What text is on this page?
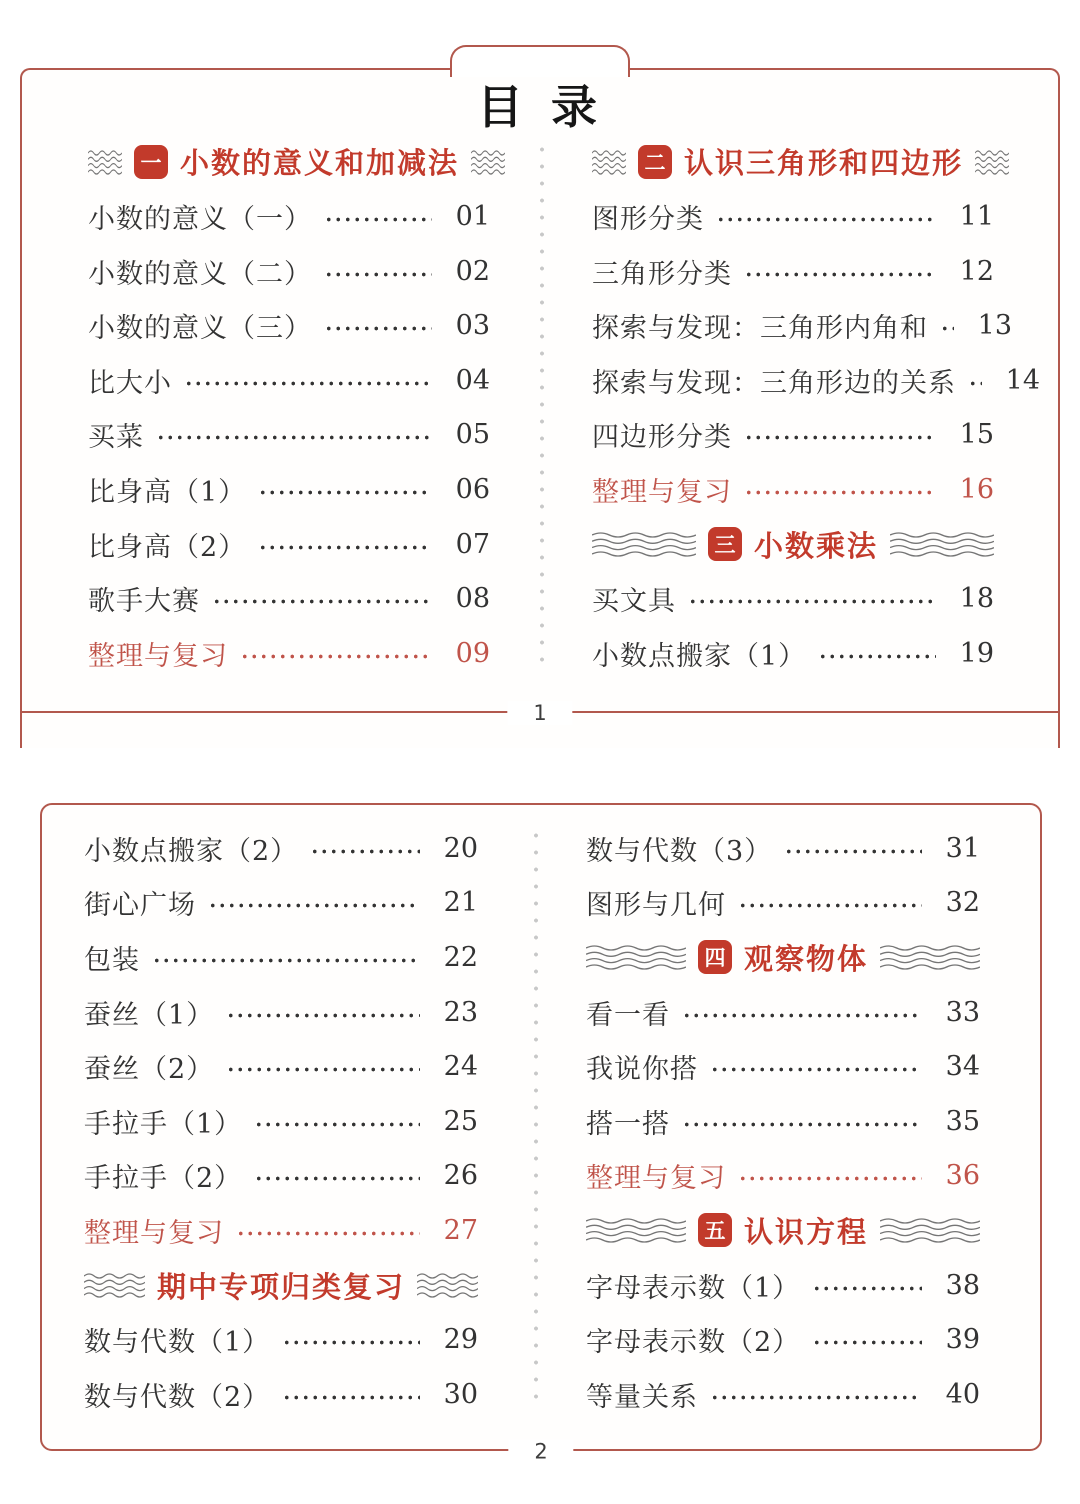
目 录
一 小数的意义和加减法
小数的意义（一）	01
小数的意义（二）	02
小数的意义（三）	03
比大小	04
买菜	05
比身高（1）	06
比身高（2）	07
歌手大赛	08
整理与复习	09
二 认识三角形和四边形
图形分类	11
三角形分类	12
探索与发现：三角形内角和	13
探索与发现：三角形边的关系	14
四边形分类	15
整理与复习	16
三 小数乘法
买文具	18
小数点搬家（1）	19
1
小数点搬家（2）	20
街心广场	21
包装	22
蚕丝（1）	23
蚕丝（2）	24
手拉手（1）	25
手拉手（2）	26
整理与复习	27
期中专项归类复习
数与代数（1）	29
数与代数（2）	30
数与代数（3）	31
图形与几何	32
四 观察物体
看一看	33
我说你搭	34
搭一搭	35
整理与复习	36
五 认识方程
字母表示数（1）	38
字母表示数（2）	39
等量关系	40
2
